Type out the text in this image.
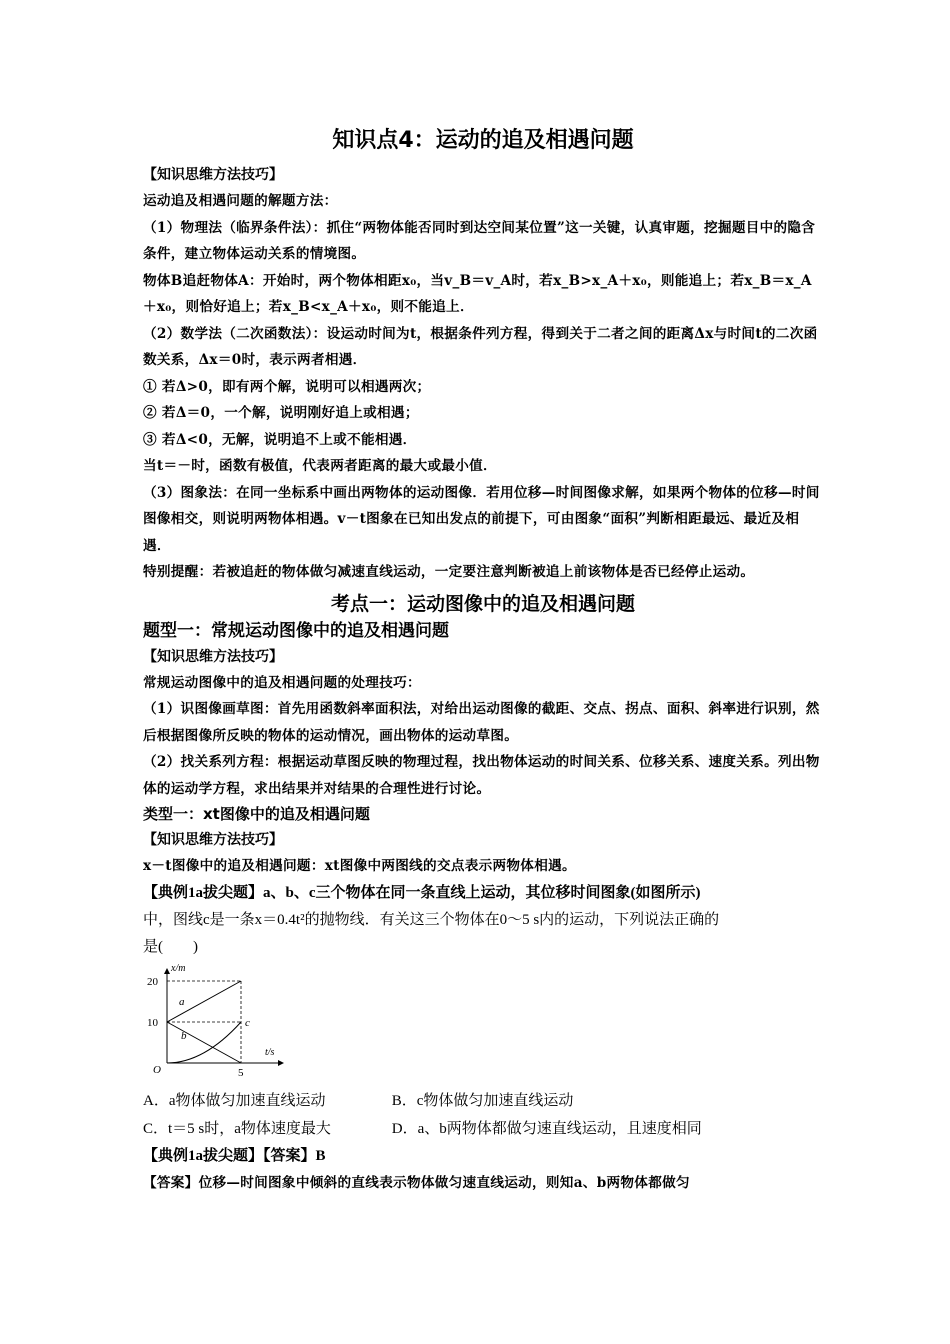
知识点4：运动的追及相遇问题
【知识思维方法技巧】
运动追及相遇问题的解题方法：
（1）物理法（临界条件法）：抓住“两物体能否同时到达空间某位置”这一关键，认真审题，挖掘题目中的隐含条件，建立物体运动关系的情境图。
物体B追赶物体A：开始时，两个物体相距x₀，当v_B＝v_A时，若x_B>x_A＋x₀，则能追上；若x_B＝x_A＋x₀，则恰好追上；若x_B<x_A＋x₀，则不能追上．
（2）数学法（二次函数法）：设运动时间为t，根据条件列方程，得到关于二者之间的距离Δx与时间t的二次函数关系，Δx＝0时，表示两者相遇．
① 若Δ>0，即有两个解，说明可以相遇两次；
② 若Δ＝0，一个解，说明刚好追上或相遇；
③ 若Δ<0，无解，说明追不上或不能相遇．
当t＝－时，函数有极值，代表两者距离的最大或最小值．
（3）图象法：在同一坐标系中画出两物体的运动图像．若用位移—时间图像求解，如果两个物体的位移—时间图像相交，则说明两物体相遇。v－t图象在已知出发点的前提下，可由图象“面积”判断相距最远、最近及相遇．
特别提醒：若被追赶的物体做匀减速直线运动，一定要注意判断被追上前该物体是否已经停止运动。
考点一：运动图像中的追及相遇问题
题型一：常规运动图像中的追及相遇问题
【知识思维方法技巧】
常规运动图像中的追及相遇问题的处理技巧：
（1）识图像画草图：首先用函数斜率面积法，对给出运动图像的截距、交点、拐点、面积、斜率进行识别，然后根据图像所反映的物体的运动情况，画出物体的运动草图。
（2）找关系列方程：根据运动草图反映的物理过程，找出物体运动的时间关系、位移关系、速度关系。列出物体的运动学方程，求出结果并对结果的合理性进行讨论。
类型一：xt图像中的追及相遇问题
【知识思维方法技巧】
x－t图像中的追及相遇问题：xt图像中两图线的交点表示两物体相遇。
【典例1a拔尖题】a、b、c三个物体在同一条直线上运动，其位移时间图象(如图所示)
中，图线c是一条x＝0.4t²的抛物线．有关这三个物体在0～5 s内的运动，下列说法正确的
是(　　)
x/m
t/s
O
20
10
5
a
b
c
A．a物体做匀加速直线运动	B．c物体做匀加速直线运动
C．t＝5 s时，a物体速度最大	D．a、b两物体都做匀速直线运动，且速度相同
【典例1a拔尖题】【答案】B
【答案】位移—时间图象中倾斜的直线表示物体做匀速直线运动，则知a、b两物体都做匀
